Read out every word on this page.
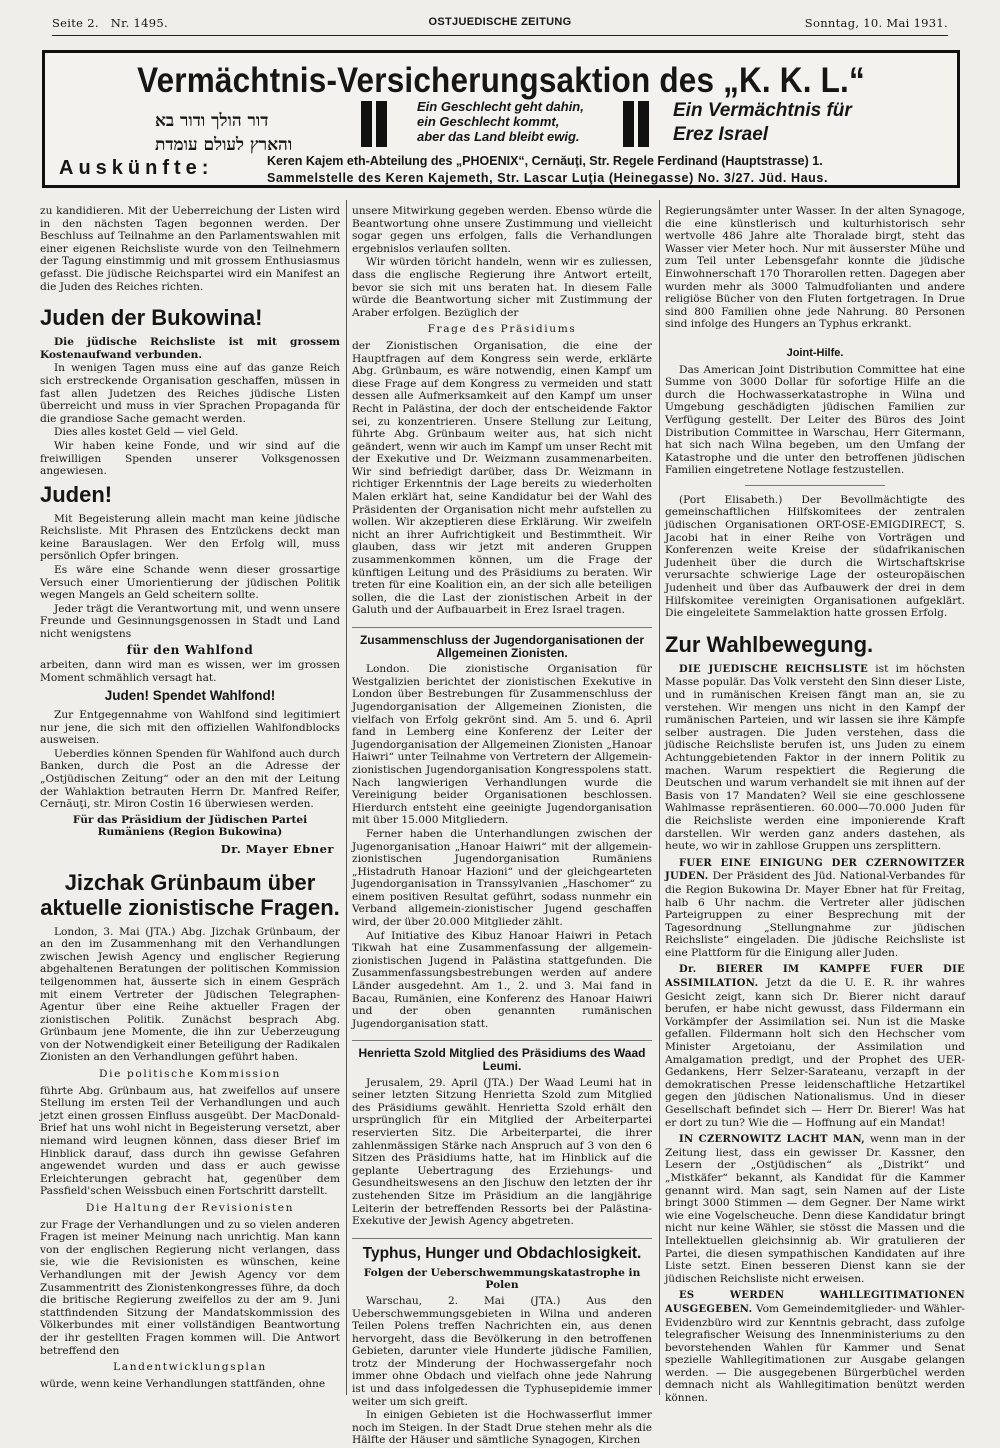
Seite 2. Nr. 1495.	OSTJUEDISCHE ZEITUNG	Sonntag, 10. Mai 1931.
Vermächtnis-Versicherungsaktion des „K. K. L.“
דור הולך ודור בא
והארץ לעולם עומדת
Ein Geschlecht geht dahin,
ein Geschlecht kommt,
aber das Land bleibt ewig.
Ein Vermächtnis für
Erez Israel
Auskünfte:	Keren Kajem eth-Abteilung des „PHOENIX“, Cernăuţi, Str. Regele Ferdinand (Hauptstrasse) 1.
Sammelstelle des Keren Kajemeth, Str. Lascar Luţia (Heinegasse) No. 3/27. Jüd. Haus.

zu kandidieren. Mit der Ueberreichung der Listen wird in den nächsten Tagen begonnen werden. Der Beschluss auf Teilnahme an den Parlamentswahlen mit einer eigenen Reichsliste wurde von den Teilnehmern der Tagung einstimmig und mit grossem Enthusiasmus gefasst. Die jüdische Reichspartei wird ein Manifest an die Juden des Reiches richten.

Juden der Bukowina!

Die jüdische Reichsliste ist mit grossem Kostenaufwand verbunden.

In wenigen Tagen muss eine auf das ganze Reich sich erstreckende Organisation geschaffen, müssen in fast allen Judetzen des Reiches jüdische Listen überreicht und muss in vier Sprachen Propaganda für die grandiose Sache gemacht werden.

Dies alles kostet Geld — viel Geld.

Wir haben keine Fonde, und wir sind auf die freiwilligen Spenden unserer Volksgenossen angewiesen.

Juden!

Mit Begeisterung allein macht man keine jüdische Reichsliste. Mit Phrasen des Entzückens deckt man keine Barauslagen. Wer den Erfolg will, muss persönlich Opfer bringen.

Es wäre eine Schande wenn dieser grossartige Versuch einer Umorientierung der jüdischen Politik wegen Mangels an Geld scheitern sollte.

Jeder trägt die Verantwortung mit, und wenn unsere Freunde und Gesinnungsgenossen in Stadt und Land nicht wenigstens

für den Wahlfond

arbeiten, dann wird man es wissen, wer im grossen Moment schmählich versagt hat.

Juden! Spendet Wahlfond!

Zur Entgegennahme von Wahlfond sind legitimiert nur jene, die sich mit den offiziellen Wahlfondblocks ausweisen.

Ueberdies können Spenden für Wahlfond auch durch Banken, durch die Post an die Adresse der „Ostjüdischen Zeitung“ oder an den mit der Leitung der Wahlaktion betrauten Herrn Dr. Manfred Reifer, Cernăuţi, str. Miron Costin 16 überwiesen werden.

Für das Präsidium der Jüdischen Partei Rumäniens (Region Bukowina)
Dr. Mayer Ebner
Jizchak Grünbaum über aktuelle zionistische Fragen.

London, 3. Mai (JTA.) Abg. Jizchak Grünbaum, der an den im Zusammenhang mit den Verhandlungen zwischen Jewish Agency und englischer Regierung abgehaltenen Beratungen der politischen Kommission teilgenommen hat, äusserte sich in einem Gespräch mit einem Vertreter der Jüdischen Telegraphen-Agentur über eine Reihe aktueller Fragen der zionistischen Politik. Zunächst besprach Abg. Grünbaum jene Momente, die ihn zur Ueberzeugung von der Notwendigkeit einer Beteiligung der Radikalen Zionisten an den Verhandlungen geführt haben.

Die politische Kommission

führte Abg. Grünbaum aus, hat zweifellos auf unsere Stellung im ersten Teil der Verhandlungen und auch jetzt einen grossen Einfluss ausgeübt. Der MacDonald-Brief hat uns wohl nicht in Begeisterung versetzt, aber niemand wird leugnen können, dass dieser Brief im Hinblick darauf, dass durch ihn gewisse Gefahren angewendet wurden und dass er auch gewisse Erleichterungen gebracht hat, gegenüber dem Passfield'schen Weissbuch einen Fortschritt darstellt.

Die Haltung der Revisionisten

zur Frage der Verhandlungen und zu so vielen anderen Fragen ist meiner Meinung nach unrichtig. Man kann von der englischen Regierung nicht verlangen, dass sie, wie die Revisionisten es wünschen, keine Verhandlungen mit der Jewish Agency vor dem Zusammentritt des Zionistenkongresses führe, da doch die britische Regierung zweifellos zu der am 9. Juni stattfindenden Sitzung der Mandatskommission des Völkerbundes mit einer vollständigen Beantwortung der ihr gestellten Fragen kommen will. Die Antwort betreffend den

Landentwicklungsplan

würde, wenn keine Verhandlungen stattfänden, ohne

unsere Mitwirkung gegeben werden. Ebenso würde die Beantwortung ohne unsere Zustimmung und vielleicht sogar gegen uns erfolgen, falls die Verhandlungen ergebnislos verlaufen sollten.

Wir würden töricht handeln, wenn wir es zuliessen, dass die englische Regierung ihre Antwort erteilt, bevor sie sich mit uns beraten hat. In diesem Falle würde die Beantwortung sicher mit Zustimmung der Araber erfolgen. Bezüglich der

Frage des Präsidiums

der Zionistischen Organisation, die eine der Hauptfragen auf dem Kongress sein werde, erklärte Abg. Grünbaum, es wäre notwendig, einen Kampf um diese Frage auf dem Kongress zu vermeiden und statt dessen alle Aufmerksamkeit auf den Kampf um unser Recht in Palästina, der doch der entscheidende Faktor sei, zu konzentrieren. Unsere Stellung zur Leitung, führte Abg. Grünbaum weiter aus, hat sich nicht geändert, wenn wir auch im Kampf um unser Recht mit der Exekutive und Dr. Weizmann zusammenarbeiten. Wir sind befriedigt darüber, dass Dr. Weizmann in richtiger Erkenntnis der Lage bereits zu wiederholten Malen erklärt hat, seine Kandidatur bei der Wahl des Präsidenten der Organisation nicht mehr aufstellen zu wollen. Wir akzeptieren diese Erklärung. Wir zweifeln nicht an ihrer Aufrichtigkeit und Bestimmtheit. Wir glauben, dass wir jetzt mit anderen Gruppen zusammenkommen können, um die Frage der künftigen Leitung und des Präsidiums zu beraten. Wir treten für eine Koalition ein, an der sich alle beteiligen sollen, die die Last der zionistischen Arbeit in der Galuth und der Aufbauarbeit in Erez Israel tragen.

Zusammenschluss der Jugendorganisationen der Allgemeinen Zionisten.

London. Die zionistische Organisation für Westgalizien berichtet der zionistischen Exekutive in London über Bestrebungen für Zusammenschluss der Jugendorganisation der Allgemeinen Zionisten, die vielfach von Erfolg gekrönt sind. Am 5. und 6. April fand in Lemberg eine Konferenz der Leiter der Jugendorganisation der Allgemeinen Zionisten „Hanoar Haiwri“ unter Teilnahme von Vertretern der Allgemein-zionistischen Jugendorganisation Kongresspolens statt. Nach langwierigen Verhandlungen wurde die Vereinigung beider Organisationen beschlossen. Hierdurch entsteht eine geeinigte Jugendorganisation mit über 15.000 Mitgliedern.

Ferner haben die Unterhandlungen zwischen der Jugenorganisation „Hanoar Haiwri“ mit der allgemein-zionistischen Jugendorganisation Rumäniens „Histadruth Hanoar Hazioni“ und der gleichgearteten Jugendorganisation in Transsylvanien „Haschomer“ zu einem positiven Resultat geführt, sodass nunmehr ein Verband allgemein-zionistischer Jugend geschaffen wird, der über 20.000 Mitglieder zählt.

Auf Initiative des Kibuz Hanoar Haiwri in Petach Tikwah hat eine Zusammenfassung der allgemein-zionistischen Jugend in Palästina stattgefunden. Die Zusammenfassungsbestrebungen werden auf andere Länder ausgedehnt. Am 1., 2. und 3. Mai fand in Bacau, Rumänien, eine Konferenz des Hanoar Haiwri und der oben genannten rumänischen Jugendorganisation statt.

Henrietta Szold Mitglied des Präsidiums des Waad Leumi.

Jerusalem, 29. April (JTA.) Der Waad Leumi hat in seiner letzten Sitzung Henrietta Szold zum Mitglied des Präsidiums gewählt. Henrietta Szold erhält den ursprünglich für ein Mitglied der Arbeiterpartei reservierten Sitz. Die Arbeiterpartei, die ihrer zahlenmässigen Stärke nach Anspruch auf 3 von den 6 Sitzen des Präsidiums hatte, hat im Hinblick auf die geplante Uebertragung des Erziehungs- und Gesundheitswesens an den Jischuw den letzten der ihr zustehenden Sitze im Präsidium an die langjährige Leiterin der betreffenden Ressorts bei der Palästina-Exekutive der Jewish Agency abgetreten.

Typhus, Hunger und Obdachlosigkeit.
Folgen der Ueberschwemmungskatastrophe in Polen

Warschau, 2. Mai (JTA.) Aus den Ueberschwemmungsgebieten in Wilna und anderen Teilen Polens treffen Nachrichten ein, aus denen hervorgeht, dass die Bevölkerung in den betroffenen Gebieten, darunter viele Hunderte jüdische Familien, trotz der Minderung der Hochwassergefahr noch immer ohne Obdach und vielfach ohne jede Nahrung ist und dass infolgedessen die Typhusepidemie immer weiter um sich greift.

In einigen Gebieten ist die Hochwasserflut immer noch im Steigen. In der Stadt Drue stehen mehr als die Hälfte der Häuser und sämtliche Synagogen, Kirchen

Regierungsämter unter Wasser. In der alten Synagoge, die eine künstlerisch und kulturhistorisch sehr wertvolle 486 Jahre alte Thoralade birgt, steht das Wasser vier Meter hoch. Nur mit äusserster Mühe und zum Teil unter Lebensgefahr konnte die jüdische Einwohnerschaft 170 Thorarollen retten. Dagegen aber wurden mehr als 3000 Talmudfolianten und andere religiöse Bücher von den Fluten fortgetragen. In Drue sind 800 Familien ohne jede Nahrung. 80 Personen sind infolge des Hungers an Typhus erkrankt.

Joint-Hilfe.

Das American Joint Distribution Committee hat eine Summe von 3000 Dollar für sofortige Hilfe an die durch die Hochwasserkatastrophe in Wilna und Umgebung geschädigten jüdischen Familien zur Verfügung gestellt. Der Leiter des Büros des Joint Distribution Committee in Warschau, Herr Gitermann, hat sich nach Wilna begeben, um den Umfang der Katastrophe und die unter den betroffenen jüdischen Familien eingetretene Notlage festzustellen.

(Port Elisabeth.) Der Bevollmächtigte des gemeinschaftlichen Hilfskomitees der zentralen jüdischen Organisationen ORT-OSE-EMIGDIRECT, S. Jacobi hat in einer Reihe von Vorträgen und Konferenzen weite Kreise der südafrikanischen Judenheit über die durch die Wirtschaftskrise verursachte schwierige Lage der osteuropäischen Judenheit und über das Aufbauwerk der drei in dem Hilfskomitee vereinigten Organisationen aufgeklärt. Die eingeleitete Sammelaktion hatte grossen Erfolg.

Zur Wahlbewegung.

DIE JUEDISCHE REICHSLISTE ist im höchsten Masse populär. Das Volk versteht den Sinn dieser Liste, und in rumänischen Kreisen fängt man an, sie zu verstehen. Wir mengen uns nicht in den Kampf der rumänischen Parteien, und wir lassen sie ihre Kämpfe selber austragen. Die Juden verstehen, dass die jüdische Reichsliste berufen ist, uns Juden zu einem Achtunggebietenden Faktor in der innern Politik zu machen. Warum respektiert die Regierung die Deutschen und warum verhandelt sie mit ihnen auf der Basis von 17 Mandaten? Weil sie eine geschlossene Wahlmasse repräsentieren. 60.000—70.000 Juden für die Reichsliste werden eine imponierende Kraft darstellen. Wir werden ganz anders dastehen, als heute, wo wir in zahllose Gruppen uns zersplittern.

FUER EINE EINIGUNG DER CZERNOWITZER JUDEN. Der Präsident des Jüd. National-Verbandes für die Region Bukowina Dr. Mayer Ebner hat für Freitag, halb 6 Uhr nachm. die Vertreter aller jüdischen Parteigruppen zu einer Besprechung mit der Tagesordnung „Stellungnahme zur jüdischen Reichsliste“ eingeladen. Die jüdische Reichsliste ist eine Plattform für die Einigung aller Juden.

Dr. BIERER IM KAMPFE FUER DIE ASSIMILATION. Jetzt da die U. E. R. ihr wahres Gesicht zeigt, kann sich Dr. Bierer nicht darauf berufen, er habe nicht gewusst, dass Fildermann ein Vorkämpfer der Assimilation sei. Nun ist die Maske gefallen. Fildermann holt sich den Hechscher vom Minister Argetoianu, der Assimilation und Amalgamation predigt, und der Prophet des UER-Gedankens, Herr Selzer-Sarateanu, verzapft in der demokratischen Presse leidenschaftliche Hetzartikel gegen den jüdischen Nationalismus. Und in dieser Gesellschaft befindet sich — Herr Dr. Bierer! Was hat er dort zu tun? Wie die — Hoffnung auf ein Mandat!

IN CZERNOWITZ LACHT MAN, wenn man in der Zeitung liest, dass ein gewisser Dr. Kassner, den Lesern der „Ostjüdischen“ als „Distrikt“ und „Mistkäfer“ bekannt, als Kandidat für die Kammer genannt wird. Man sagt, sein Namen auf der Liste bringt 3000 Stimmen — dem Gegner. Der Name wirkt wie eine Vogelscheuche. Denn diese Kandidatur bringt nicht nur keine Wähler, sie stösst die Massen und die Intellektuellen gleichsinnig ab. Wir gratulieren der Partei, die diesen sympathischen Kandidaten auf ihre Liste setzt. Einen besseren Dienst kann sie der jüdischen Reichsliste nicht erweisen.

ES WERDEN WAHLLEGITIMATIONEN AUSGEGEBEN. Vom Gemeindemitglieder- und Wähler-Evidenzbüro wird zur Kenntnis gebracht, dass zufolge telegrafischer Weisung des Innenministeriums zu den bevorstehenden Wahlen für Kammer und Senat spezielle Wahllegitimationen zur Ausgabe gelangen werden. — Die ausgegebenen Bürgerbüchel werden demnach nicht als Wahllegitimation benützt werden können.
